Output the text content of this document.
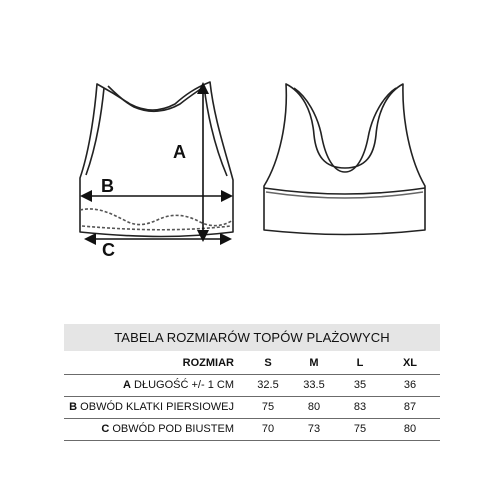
A
B
C
TABELA ROZMIARÓW TOPÓW PLAŻOWYCH
ROZMIAR	S	M	L	XL
A DŁUGOŚĆ +/- 1 CM	32.5	33.5	35	36
B OBWÓD KLATKI PIERSIOWEJ	75	80	83	87
C OBWÓD POD BIUSTEM	70	73	75	80
